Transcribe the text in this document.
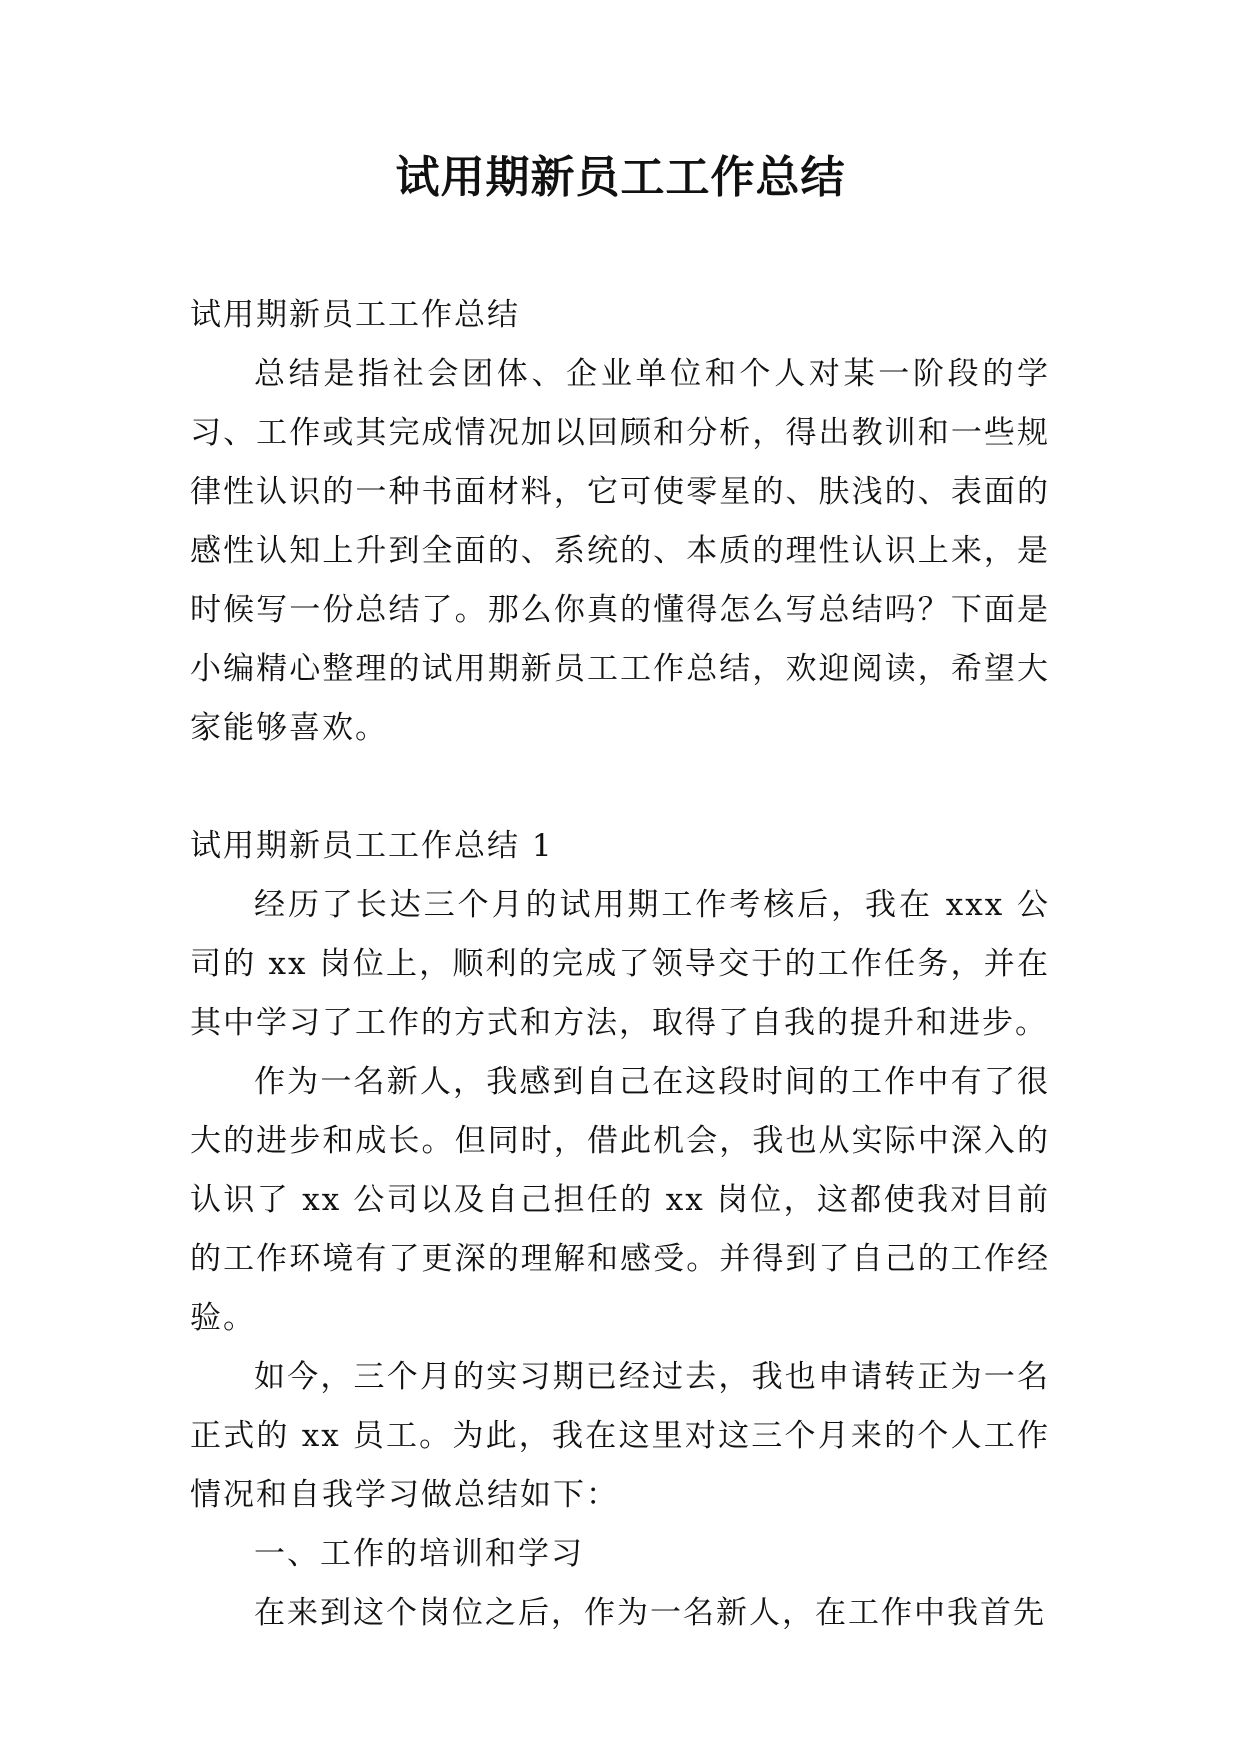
试用期新员工工作总结

试用期新员工工作总结

总结是指社会团体、企业单位和个人对某一阶段的学习、工作或其完成情况加以回顾和分析，得出教训和一些规律性认识的一种书面材料，它可使零星的、肤浅的、表面的感性认知上升到全面的、系统的、本质的理性认识上来，是时候写一份总结了。那么你真的懂得怎么写总结吗？下面是小编精心整理的试用期新员工工作总结，欢迎阅读，希望大家能够喜欢。

试用期新员工工作总结 1

经历了长达三个月的试用期工作考核后，我在 xxx 公司的 xx 岗位上，顺利的完成了领导交于的工作任务，并在其中学习了工作的方式和方法，取得了自我的提升和进步。

作为一名新人，我感到自己在这段时间的工作中有了很大的进步和成长。但同时，借此机会，我也从实际中深入的认识了 xx 公司以及自己担任的 xx 岗位，这都使我对目前的工作环境有了更深的理解和感受。并得到了自己的工作经验。

如今，三个月的实习期已经过去，我也申请转正为一名正式的 xx 员工。为此，我在这里对这三个月来的个人工作情况和自我学习做总结如下：

一、工作的培训和学习

在来到这个岗位之后，作为一名新人，在工作中我首先
